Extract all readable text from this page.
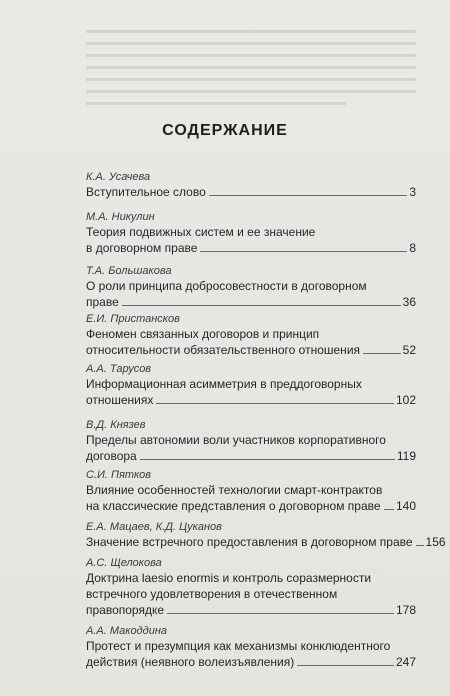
СОДЕРЖАНИЕ
К.А. Усачева
Вступительное слово	3
М.А. Никулин
Теория подвижных систем и ее значение
в договорном праве	8
Т.А. Большакова
О роли принципа добросовестности в договорном
праве	36
Е.И. Пристансков
Феномен связанных договоров и принцип
относительности обязательственного отношения	52
А.А. Тарусов
Информационная асимметрия в преддоговорных
отношениях	102
В.Д. Князев
Пределы автономии воли участников корпоративного
договора	119
С.И. Пятков
Влияние особенностей технологии смарт-контрактов
на классические представления о договорном праве 140
Е.А. Мацаев, К.Д. Цуканов
Значение встречного предоставления в договорном праве 156
А.С. Щелокова
Доктрина laesio enormis и контроль соразмерности
встречного удовлетворения в отечественном
правопорядке	178
А.А. Макоддина
Протест и презумпция как механизмы конклюдентного
действия (неявного волеизъявления)	247
